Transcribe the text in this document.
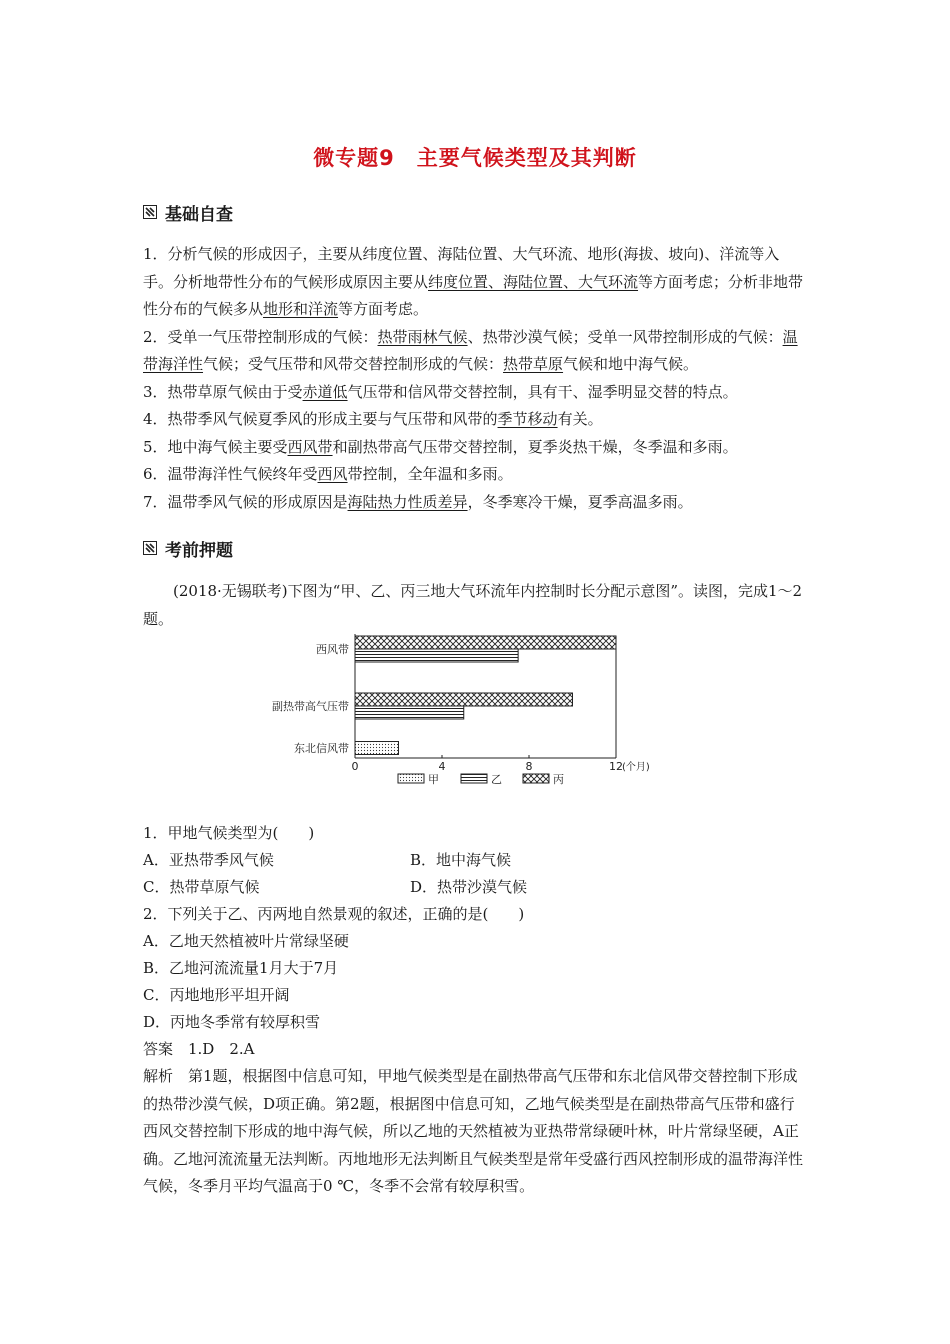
微专题9　主要气候类型及其判断
基础自查

1．分析气候的形成因子，主要从纬度位置、海陆位置、大气环流、地形(海拔、坡向)、洋流等入手。分析地带性分布的气候形成原因主要从纬度位置、海陆位置、大气环流等方面考虑；分析非地带性分布的气候多从地形和洋流等方面考虑。

2．受单一气压带控制形成的气候：热带雨林气候、热带沙漠气候；受单一风带控制形成的气候：温带海洋性气候；受气压带和风带交替控制形成的气候：热带草原气候和地中海气候。

3．热带草原气候由于受赤道低气压带和信风带交替控制，具有干、湿季明显交替的特点。

4．热带季风气候夏季风的形成主要与气压带和风带的季节移动有关。

5．地中海气候主要受西风带和副热带高气压带交替控制，夏季炎热干燥，冬季温和多雨。

6．温带海洋性气候终年受西风带控制，全年温和多雨。

7．温带季风气候的形成原因是海陆热力性质差异，冬季寒冷干燥，夏季高温多雨。

考前押题

(2018·无锡联考)下图为“甲、乙、丙三地大气环流年内控制时长分配示意图”。读图，完成1～2题。

西风带
副热带高气压带
东北信风带
0	4	8	12 (个月)
甲	乙	丙
1．甲地气候类型为(　　)
A．亚热带季风气候	B．地中海气候
C．热带草原气候	D．热带沙漠气候
2．下列关于乙、丙两地自然景观的叙述，正确的是(　　)
A．乙地天然植被叶片常绿坚硬
B．乙地河流流量1月大于7月
C．丙地地形平坦开阔
D．丙地冬季常有较厚积雪
答案　1.D　2.A

解析　第1题，根据图中信息可知，甲地气候类型是在副热带高气压带和东北信风带交替控制下形成的热带沙漠气候，D项正确。第2题，根据图中信息可知，乙地气候类型是在副热带高气压带和盛行西风交替控制下形成的地中海气候，所以乙地的天然植被为亚热带常绿硬叶林，叶片常绿坚硬，A正确。乙地河流流量无法判断。丙地地形无法判断且气候类型是常年受盛行西风控制形成的温带海洋性气候，冬季月平均气温高于0 ℃，冬季不会常有较厚积雪。
